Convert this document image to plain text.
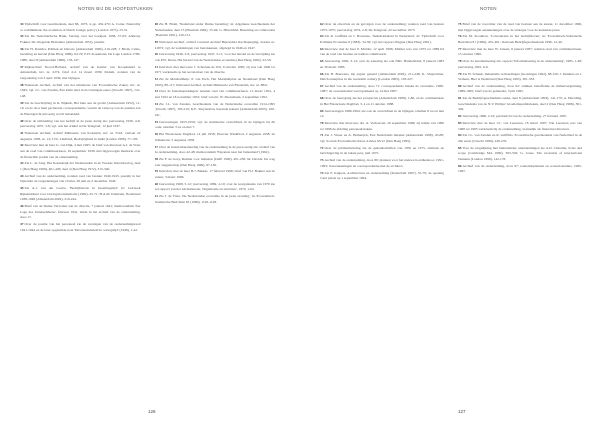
NOTEN BIJ DE HOOFDSTUKKEN	NOTEN

34Tijdschrift voor Geschiedenis, deel 86, 1973, 4, pp. 432-470; A. Carter, Neutrality or commitment: the evolution of Dutch foreign policy (London 1975), 23-31.

35Zie De Nederlandsche Bank, Verslag over het boekjaar 1938, 57-63; Anthony Fokker, De vliegende Hollander (Amsterdam 1931), passim.

36Zie H. Daalder, Politiek en historie (Amsterdam 1990), 210-228; J. Blom, Crisis, bezetting en herstel (Den Haag 1989), 64-79; E.H. Kossmann, De Lage Landen 1780-1980, deel II (Amsterdam 1986), 133-147.

37Rijksarchief Noord-Holland, archief van de Kamer van Koophandel te Amsterdam, inv. nr. 2274, brief d.d. 14 maart 1939; ibidem, notulen van de vergadering van 3 april 1939, met bijlagen.

38Nationaal Archief, archief van het ministerie van Economische Zaken, inv. nr. 1845; vgl. J.L. van Zanden, Een klein land in de twintigste eeuw (Utrecht 1997), 141-148.

39Zie de beschrijving in K. Bijkerk, Het huis aan de gracht (Amsterdam 1952), 11-19, en de door hem geciteerde correspondentie, waarin de verkoop van de panden aan de Herengracht uitvoerig wordt behandeld.

40Over de uitbreiding van het bedrijf in de jaren dertig zie: jaarverslag 1936, 4-6; jaarverslag 1937, 3-8; vgl. ook het artikel in De Telegraaf, 12 juni 1937.

41Nationaal Archief, archief Ministerie van Koloniën, inv. nr. 5518, verbaal 22 augustus 1938, nr. 14; J.Th. Lindblad, Bedrijvigheid in Indië (Leiden 1998), 77-103.

42Interview met de heer G. van Dijk, 4 mei 1995; de brief van directeur A.J. de Vries aan de raad van commissarissen, 18 september 1939, met bijgevoegde memorie over de financiële positie van de onderneming.

43Zie L. de Jong, Het Koninkrijk der Nederlanden in de Tweede Wereldoorlog, deel 1 (Den Haag 1969), 401-429; deel 4 (Den Haag 1972), 315-340.

44Archief van de onderneming, notulen raad van bestuur 1940-1945, passim; in het bijzonder de vergaderingen van 10 mei, 28 juni en 2 december 1940.

45Zie A.J. van der Leeuw, 'Bedrijfsleven in bezettingstijd', in: Jaarboek Rijksinstituut voor Oorlogsdocumentatie (1982), 45-71; H.A.M. Klemann, Nederland 1938-1948 (Amsterdam 2002), 210-244.

46Brief van de Duitse Verwalter aan de directie, 7 januari 1941; memorandum 'Zur Lage des Unternehmens', februari 1941, beide in het archief van de onderneming, doos 17.

47Over de positie van het personeel zie de verslagen van de ondernemingsraad 1941-1944 en de later opgestelde nota 'Personeelsbeleid in oorlogstijd' (1946), 1-22.

48Zie H. Blom, 'Nederland onder Duitse bezetting', in: Algemene Geschiedenis der Nederlanden, deel 15 (Haarlem 1982), 55-94; G. Hirschfeld, Bezetting en collaboratie (Haarlem 1991), 120-151.

49Nationaal Archief, archief Centraal Archief Bijzondere Rechtspleging, dossier nr. 41872; vgl. de verklaringen van betrokkenen, afgelegd in 1946 en 1947.

50Jaarverslag 1946, 2-9; jaarverslag 1947, 3-11; voor het herstel na de bevrijding zie ook P.W. Klein, Het herstel van de Nederlandse economie (Den Haag 1984), 22-58.

51Interview met mevrouw J. Schouten-de Wit, 9 oktober 1995; zij was van 1946 tot 1971 werkzaam op het secretariaat van de directie.

52Zie de Marshallhulp: P. van Esch, Het Marshallplan en Nederland (Den Haag 1993), 88-117; Nationaal Archief, archief Ministerie van Financiën, inv. nr. 8821.

53Over de fusiebesprekingen: notulen raad van commissarissen, 12 maart 1952, 4 juni 1952 en 18 november 1952; brief van mr. W. Dreesmann, 2 september 1952.

54Zie J.L. van Zanden, Geschiedenis van de Nederlandse economie 1914-1995 (Utrecht 1997), 185-219; K.E. Sluyterman, Kerende kansen (Amsterdam 2003), 160-191.

55Jaarverslagen 1953-1959; vgl. de statistische overzichten in de bijlagen bij dit boek, tabellen 3 tot en met 7.

56Het Financieele Dagblad, 14 juli 1958; Elsevier Weekblad, 2 augustus 1958; de Volkskrant, 5 augustus 1958.

57Over de internationalisering van de onderneming in de jaren zestig zie: archief van de onderneming, doos 42-48; memorandum 'Expansie naar het buitenland' (1962).

58Zie F. de Goey, Ruimte voor industrie (Delft 1990), 201-236; M. Davids, De weg naar zeggenschap (Den Haag 1999), 97-130.

59Interview met de heer H.J. Bakker, 17 februari 1996; brief van H.J. Bakker aan de auteur, 3 maart 1996.

60Jaarverslag 1968, 5-12; jaarverslag 1969, 4-10; over de reorganisatie van 1970 zie het rapport van het adviesbureau, 'Organisatie en structuur', 1970, 1-64.

61Zie J. de Vries, 'De Nederlandse economie in de jaren zeventig', in: Economisch-Statistische Berichten 65 (1980), 1120-1128.

62Over de oliecrisis en de gevolgen voor de onderneming: notulen raad van bestuur 1973-1975; jaarverslag 1974, 2-8; De Telegraaf, 22 november 1973.

63Zie R. Griffiths en J. Bouwens, 'Industriebeleid in Nederland', in: Tijdschrift voor Politieke Economie 6 (1983), 34-59; vgl. het rapport-Wagner (Den Haag 1981).

64Interview met de heer P. Mulder, 12 april 1996; Mulder was van 1975 tot 1989 lid van de raad van bestuur en nadien commissaris.

65Jaarverslag 1982, 3-14; over de sanering zie ook NRC Handelsblad, 8 januari 1983 en 30 maart 1983.

66Zie B. Bouwens, Op papier gesteld (Amsterdam 2004), 211-248; K. Sluyterman, Dutch enterprise in the twentieth century (London 2005), 193-227.

67Archief van de onderneming, doos 71: correspondentie inzake de overname, 1986-1987; de overeenkomst werd getekend op 14 mei 1987.

68Over de beursgang zie het prospectus (Amsterdam 1988), 1-86, en de commentaren in Het Financieele Dagblad, 3, 4 en 11 oktober 1988.

69Jaarverslagen 1989-1994; zie ook de overzichten in de bijlagen, tabellen 8 tot en met 12.

70Interview met mevrouw drs. A. Verhoeven, 20 september 1996; zij leidde van 1990 tot 1996 de afdeling personeelszaken.

71Zie J. Visser en A. Hemerijck, Een Nederlands mirakel (Amsterdam 1998), 45-88; vgl. Sociaal-Economische Raad, Advies 95/12 (Den Haag 1995).

72Over de jubileumviering zie de gedenkschriften van 1950 en 1975, alsmede de berichtgeving in de lokale pers, juni 1975.

73Archief van de onderneming, doos 80: plannen voor het nieuwe hoofdkantoor, 1991-1993; bouwtekeningen en correspondentie met de architect.

74Zie F. Kuipers, Architectuur en onderneming (Rotterdam 1997), 55-79; de opening vond plaats op 1 september 1994.

75Brief van de voorzitter van de raad van bestuur aan de auteur, 11 december 1996, met bijgevoegde aantekeningen over de strategie voor de komende jaren.

76Zie M. Kooiman, 'Concentratie in het bedrijfsleven', in: Economisch-Statistische Berichten 81 (1996), 455-461; Jaarboek Bedrijfsgeschiedenis 1996, 12-40.

77Interview met de heer W. Jansen, 6 januari 1997; notulen raad van commissarissen, 15 oktober 1996.

78Over de automatisering zie: rapport 'Informatisering in de onderneming', 1985, 1-48; jaarverslag 1991, 6-9.

79Zie H. Schenk, Industriële verhoudingen (Groningen 1992), 88-120; J. Dankers en J. Verheul, Hier is Nederland (Den Haag 1995), 301-333.

80Archief van de onderneming, doos 92: stukken betreffende de milieuvergunning, 1989-1995; brief van de gemeente, 3 juli 1995.

81Zie de Bedrijfsgeschiedenis-reeks, deel 8 (Amsterdam 1993), 141-170; A. Heerding, Geschiedenis van de N.V. Philips' Gloeilampenfabrieken, deel 2 (Den Haag 1986), 301-349.

82Jaarverslag 1996, 2-16; persbericht van de onderneming, 27 februari 1997.

83Interview met de heer J.C. van Leeuwen, 18 maart 1997; Van Leeuwen was van 1968 tot 1995 werkzaam bij de onderneming, laatstelijk als financieel directeur.

84Zie J.L. van Zanden en R. Griffiths, Economische geschiedenis van Nederland in de 20e eeuw (Utrecht 1989), 240-276.

85Voor de vergelijking met buitenlandse ondernemingen zie A.D. Chandler, Scale and scope (Cambridge MA 1990), 393-502; G. Jones, The evolution of international business (London 1996), 142-178.

86Archief van de onderneming, doos 97: toekomstplannen en scenariostudies, 1995-1997.

126	127
